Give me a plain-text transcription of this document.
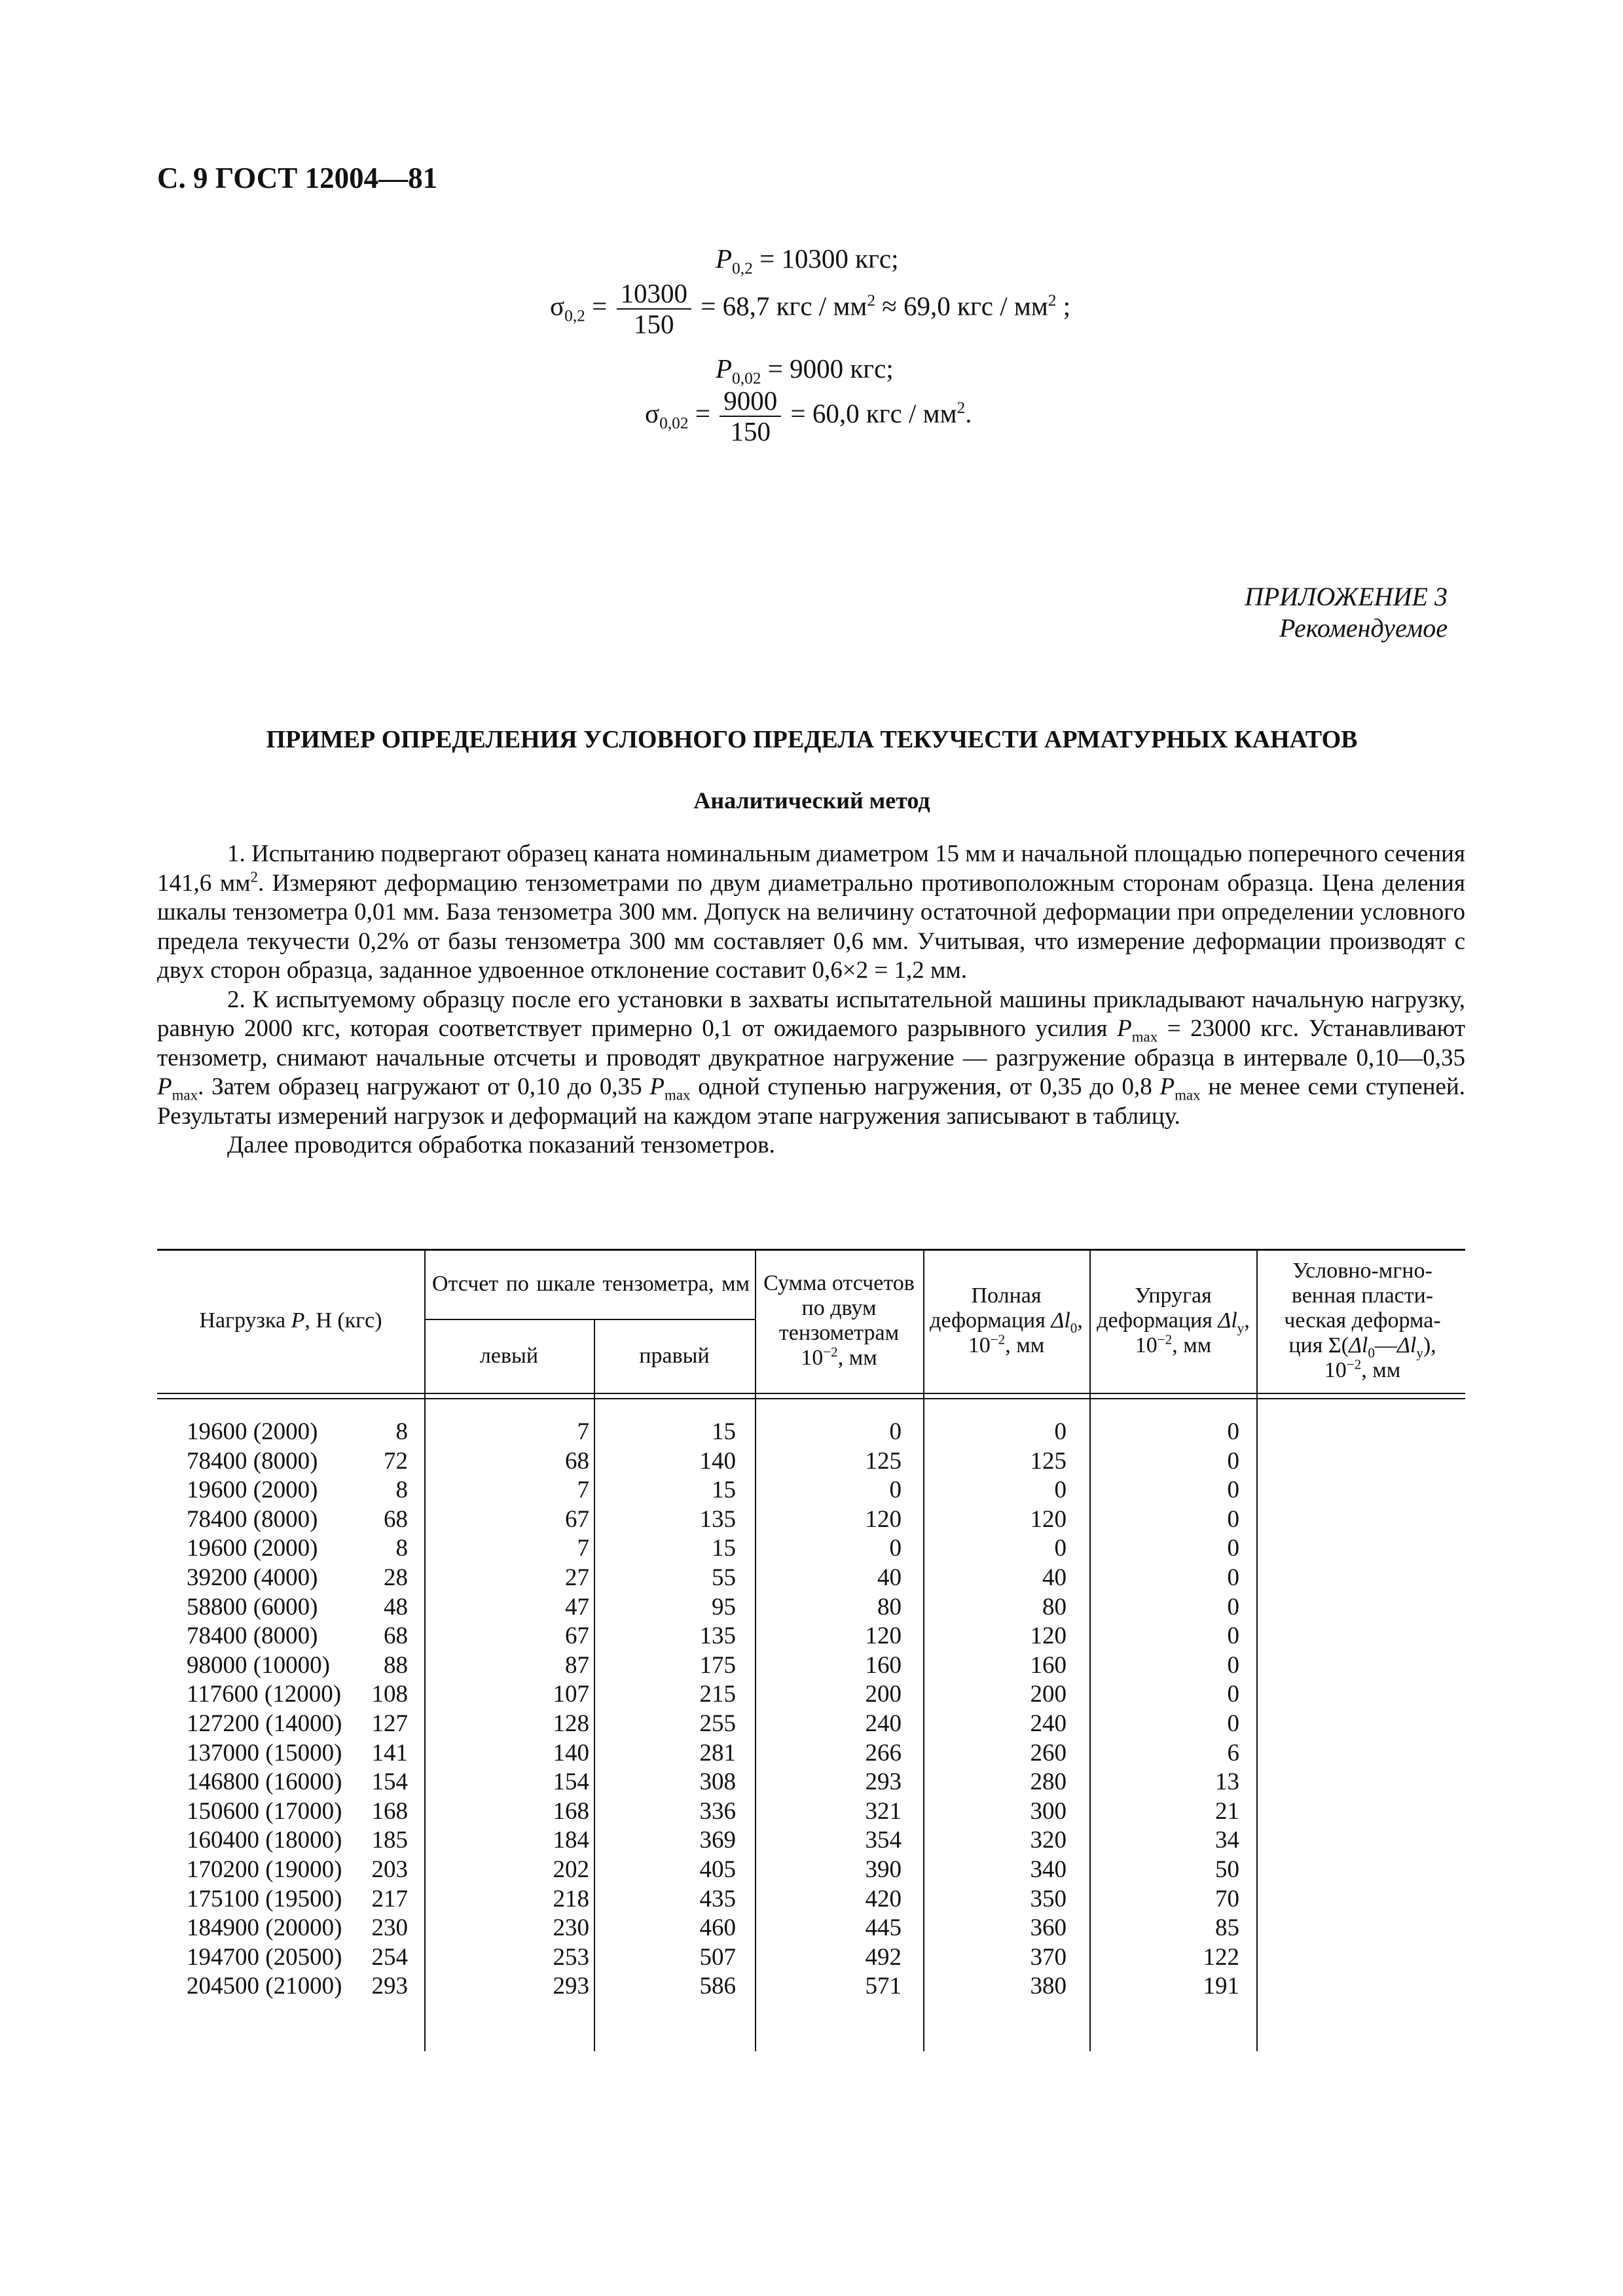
С. 9 ГОСТ 12004—81
$P_{0,2} = 10300$ кгс;
$\sigma_{0,2} = \frac{10300}{150} = 68,7$ кгс / $мм^2 \approx 69,0$ кгс / $мм^2$ ;
$P_{0,02} = 9000$ кгс;
$\sigma_{0,02} = \frac{9000}{150} = 60,0$ кгс / $мм^2$.
ПРИЛОЖЕНИЕ 3
Рекомендуемое
ПРИМЕР ОПРЕДЕЛЕНИЯ УСЛОВНОГО ПРЕДЕЛА ТЕКУЧЕСТИ АРМАТУРНЫХ КАНАТОВ
Аналитический метод

1. Испытанию подвергают образец каната номинальным диаметром 15 мм и начальной площадью поперечного сечения 141,6 $мм^2$. Измеряют деформацию тензометрами по двум диаметрально противоположным сторонам образца. Цена деления шкалы тензометра 0,01 мм. База тензометра 300 мм. Допуск на величину остаточной деформации при определении условного предела текучести 0,2% от базы тензометра 300 мм составляет 0,6 мм. Учитывая, что измерение деформации производят с двух сторон образца, заданное удвоенное отклонение составит 0,6×2 = 1,2 мм.

2. К испытуемому образцу после его установки в захваты испытательной машины прикладывают начальную нагрузку, равную 2000 кгс, которая соответствует примерно 0,1 от ожидаемого разрывного усилия $P_{max} = 23000$ кгс. Устанавливают тензометр, снимают начальные отсчеты и проводят двукратное нагружение — разгружение образца в интервале 0,10—0,35 $P_{max}$. Затем образец нагружают от 0,10 до 0,35 $P_{max}$ одной ступенью нагружения, от 0,35 до 0,8 $P_{max}$ не менее семи ступеней. Результаты измерений нагрузок и деформаций на каждом этапе нагружения записывают в таблицу.

Далее проводится обработка показаний тензометров.

Нагрузка P, Н (кгс)
Отсчет по шкале тензометра, мм
левый	правый
Сумма отсчетов по двум тензометрам $10^{-2}$, мм
Полная деформация $\Delta l_0$, $10^{-2}$, мм
Упругая деформация $\Delta l_у$, $10^{-2}$, мм
Условно-мгно-
венная пласти-
ческая деформа-
ция $\Sigma(\Delta l_0—\Delta l_у)$,
$10^{-2}$, мм
19600 (2000)	8	7	15	0	0	0
78400 (8000)	72	68	140	125	125	0
19600 (2000)	8	7	15	0	0	0
78400 (8000)	68	67	135	120	120	0
19600 (2000)	8	7	15	0	0	0
39200 (4000)	28	27	55	40	40	0
58800 (6000)	48	47	95	80	80	0
78400 (8000)	68	67	135	120	120	0
98000 (10000) 88	87	175	160	160	0
117600 (12000) 108	107	215	200	200	0
127200 (14000) 127	128	255	240	240	0
137000 (15000) 141	140	281	266	260	6
146800 (16000) 154	154	308	293	280	13
150600 (17000) 168	168	336	321	300	21
160400 (18000) 185	184	369	354	320	34
170200 (19000) 203	202	405	390	340	50
175100 (19500) 217	218	435	420	350	70
184900 (20000) 230	230	460	445	360	85
194700 (20500) 254	253	507	492	370	122
204500 (21000) 293	293	586	571	380	191
